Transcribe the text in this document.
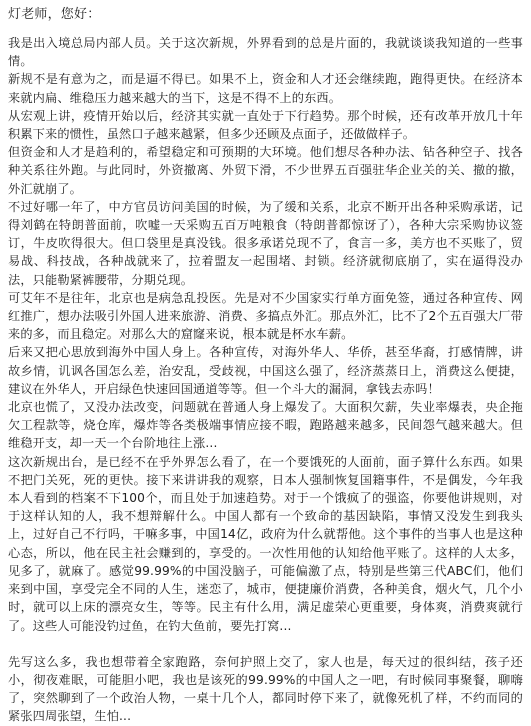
灯老师，您好：

我是出入境总局内部人员。关于这次新规，外界看到的总是片面的，我就谈谈我知道的一些事情。

新规不是有意为之，而是逼不得已。如果不上，资金和人才还会继续跑，跑得更快。在经济本来就内扁、维稳压力越来越大的当下，这是不得不上的东西。

从宏观上讲，疫情开始以后，经济其实就一直处于下行趋势。那个时候，还有改革开放几十年积累下来的惯性，虽然口子越来越紧，但多少还顾及点面子，还做做样子。

但资金和人才是趋利的，希望稳定和可预期的大环境。他们想尽各种办法、钻各种空子、找各种关系往外跑。与此同时，外资撤离、外贸下滑，不少世界五百强驻华企业关的关、撤的撤，外汇就崩了。

不过好哪一年了，中方官员访问美国的时候，为了缓和关系，北京不断开出各种采购承诺，记得刘鹤在特朗普面前，吹嘘一天采购五百万吨粮食（特朗普都惊讶了），各种大宗采购协议签订，牛皮吹得很大。但口袋里是真没钱。很多承诺兑现不了，食言一多，美方也不买账了，贸易战、科技战，各种战就来了，拉着盟友一起围堵、封锁。经济就彻底崩了，实在逼得没办法，只能勒紧裤腰带，分期兑现。

可艾年不是往年，北京也是病急乱投医。先是对不少国家实行单方面免签，通过各种宣传、网红推广，想办法吸引外国人进来旅游、消费、多搞点外汇。那点外汇，比不了2个五百强大厂带来的多，而且稳定。对那么大的窟窿来说，根本就是杯水车薪。

后来又把心思放到海外中国人身上。各种宣传，对海外华人、华侨，甚至华裔，打感情牌，讲故乡情，讥讽各国怎么差，治安乱，受歧视，中国这么强了，经济蒸蒸日上，消费这么便捷，建议在外华人，开启绿色快速回国通道等等。但一个斗大的漏洞，拿钱去赤吗！

北京也慌了，又没办法改变，问题就在普通人身上爆发了。大面积欠薪，失业率爆表，央企拖欠工程款等，烧仓库，爆炸等各类极端事情应接不暇，跑路越来越多，民间怨气越来越大。但维稳开支，却一天一个台阶地往上涨...

这次新规出台，是已经不在乎外界怎么看了，在一个要饿死的人面前，面子算什么东西。如果不把门关死，死的更快。接下来讲讲我的观察，日本人强制恢复国籍事件，不是偶发，今年我本人看到的档案不下100个，而且处于加速趋势。对于一个饿疯了的强盗，你要他讲规则，对于这样认知的人，我不想辩解什么。中国人都有一个致命的基因缺陷，事情又没发生到我头上，过好自己不行吗，干嘛多事，中国14亿，政府为什么就帮他。这个事件的当事人也是这种心态，所以，他在民主社会赚到的，享受的。一次性用他的认知给他平账了。这样的人太多，见多了，就麻了。感觉99.99%的中国没脑子，可能偏激了点，特别是些第三代ABC们，他们来到中国，享受完全不同的人生，迷恋了，城市，便捷廉价消费，各种美食，烟火气，几个小时，就可以上床的漂亮女生，等等。民主有什么用，满足虚荣心更重要，身体爽，消费爽就行了。这些人可能没钓过鱼，在钓大鱼前，要先打窝...

先写这么多，我也想带着全家跑路，奈何护照上交了，家人也是，每天过的很纠结，孩子还小，彻夜难眠，可能胆小吧，我也是该死的99.99%的中国人之一吧，有时候同事聚餐，聊嗨了，突然聊到了一个政治人物，一桌十几个人，都同时停下来了，就像死机了样，不约而同的紧张四周张望，生怕...
